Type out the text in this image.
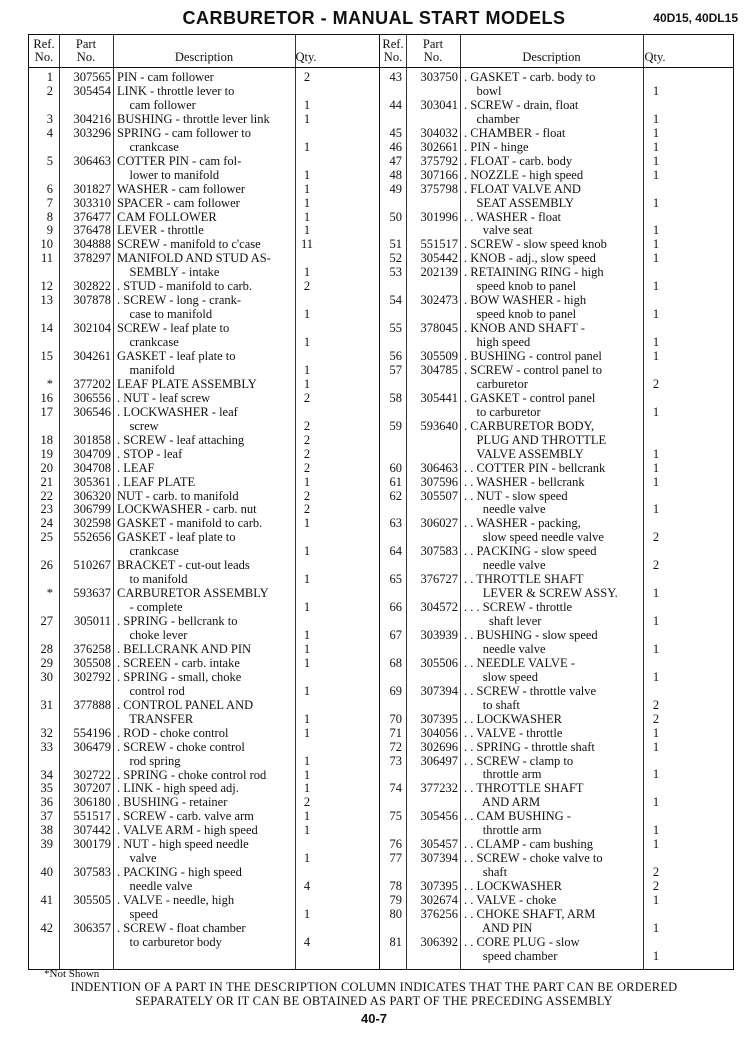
CARBURETOR - MANUAL START MODELS	40D15, 40DL15
Ref.
No.
Part
No.	Description	Qty.
1	307565 PIN - cam follower	2
2	305454 LINK - throttle lever to
cam follower	1
3	304216 BUSHING - throttle lever link	1
4	303296 SPRING - cam follower to
crankcase	1
5	306463 COTTER PIN - cam fol-
lower to manifold	1
6	301827 WASHER - cam follower	1
7	303310 SPACER - cam follower	1
8	376477 CAM FOLLOWER	1
9	376478 LEVER - throttle	1
10	304888 SCREW - manifold to c'case	11
11	378297 MANIFOLD AND STUD AS-
SEMBLY - intake	1
12	302822 . STUD - manifold to carb.	2
13	307878 . SCREW - long - crank-
case to manifold	1
14	302104 SCREW - leaf plate to
crankcase	1
15	304261 GASKET - leaf plate to
manifold	1
*	377202 LEAF PLATE ASSEMBLY	1
16	306556 . NUT - leaf screw	2
17	306546 . LOCKWASHER - leaf
screw	2
18	301858 . SCREW - leaf attaching	2
19	304709 . STOP - leaf	2
20	304708 . LEAF	2
21	305361 . LEAF PLATE	1
22	306320 NUT - carb. to manifold	2
23	306799 LOCKWASHER - carb. nut	2
24	302598 GASKET - manifold to carb.	1
25	552656 GASKET - leaf plate to
crankcase	1
26	510267 BRACKET - cut-out leads
to manifold	1
*	593637 CARBURETOR ASSEMBLY
- complete	1
27	305011 . SPRING - bellcrank to
choke lever	1
28	376258 . BELLCRANK AND PIN	1
29	305508 . SCREEN - carb. intake	1
30	302792 . SPRING - small, choke
control rod	1
31	377888 . CONTROL PANEL AND
TRANSFER	1
32	554196 . ROD - choke control	1
33	306479 . SCREW - choke control
rod spring	1
34	302722 . SPRING - choke control rod	1
35	307207 . LINK - high speed adj.	1
36	306180 . BUSHING - retainer	2
37	551517 . SCREW - carb. valve arm	1
38	307442 . VALVE ARM - high speed	1
39	300179 . NUT - high speed needle
valve	1
40	307583 . PACKING - high speed
needle valve	4
41	305505 . VALVE - needle, high
speed	1
42	306357 . SCREW - float chamber
to carburetor body	4
Ref.
No.
Part
No.	Description	Qty.
43	303750 . GASKET - carb. body to
bowl	1
44	303041 . SCREW - drain, float
chamber	1
45	304032 . CHAMBER - float	1
46	302661 . PIN - hinge	1
47	375792 . FLOAT - carb. body	1
48	307166 . NOZZLE - high speed	1
49	375798 . FLOAT VALVE AND
SEAT ASSEMBLY	1
50	301996 . . WASHER - float
valve seat	1
51	551517 . SCREW - slow speed knob	1
52	305442 . KNOB - adj., slow speed	1
53	202139 . RETAINING RING - high
speed knob to panel	1
54	302473 . BOW WASHER - high
speed knob to panel	1
55	378045 . KNOB AND SHAFT -
high speed	1
56	305509 . BUSHING - control panel	1
57	304785 . SCREW - control panel to
carburetor	2
58	305441 . GASKET - control panel
to carburetor	1
59	593640 . CARBURETOR BODY,
PLUG AND THROTTLE
VALVE ASSEMBLY	1
60	306463 . . COTTER PIN - bellcrank	1
61	307596 . . WASHER - bellcrank	1
62	305507 . . NUT - slow speed
needle valve	1
63	306027 . . WASHER - packing,
slow speed needle valve	2
64	307583 . . PACKING - slow speed
needle valve	2
65	376727 . . THROTTLE SHAFT
LEVER & SCREW ASSY.	1
66	304572 . . . SCREW - throttle
shaft lever	1
67	303939 . . BUSHING - slow speed
needle valve	1
68	305506 . . NEEDLE VALVE -
slow speed	1
69	307394 . . SCREW - throttle valve
to shaft	2
70	307395 . . LOCKWASHER	2
71	304056 . . VALVE - throttle	1
72	302696 . . SPRING - throttle shaft	1
73	306497 . . SCREW - clamp to
throttle arm	1
74	377232 . . THROTTLE SHAFT
AND ARM	1
75	305456 . . CAM BUSHING -
throttle arm	1
76	305457 . . CLAMP - cam bushing	1
77	307394 . . SCREW - choke valve to
shaft	2
78	307395 . . LOCKWASHER	2
79	302674 . . VALVE - choke	1
80	376256 . . CHOKE SHAFT, ARM
AND PIN	1
81	306392 . . CORE PLUG - slow
speed chamber	1
*Not Shown
INDENTION OF A PART IN THE DESCRIPTION COLUMN INDICATES THAT THE PART CAN BE ORDERED
SEPARATELY OR IT CAN BE OBTAINED AS PART OF THE PRECEDING ASSEMBLY
40-7
